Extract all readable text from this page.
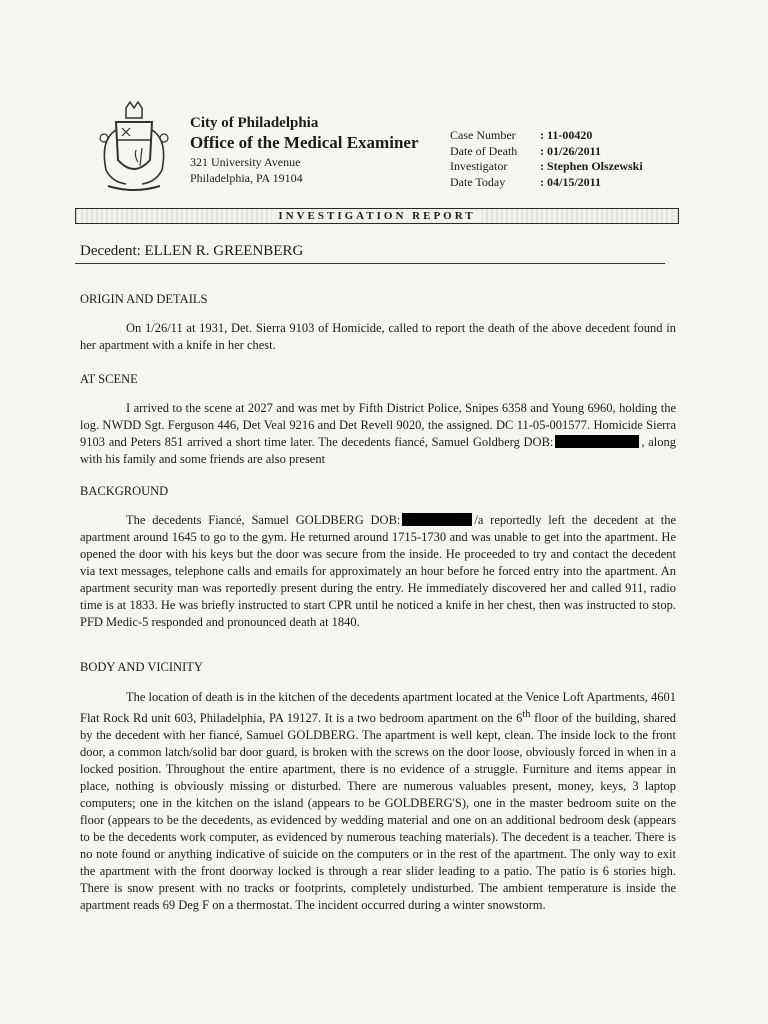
City of Philadelphia
Office of the Medical Examiner
321 University Avenue
Philadelphia, PA 19104
Case Number	: 11-00420
Date of Death	: 01/26/2011
Investigator	: Stephen Olszewski
Date Today	: 04/15/2011
INVESTIGATION REPORT
Decedent: ELLEN R. GREENBERG
ORIGIN AND DETAILS

On 1/26/11 at 1931, Det. Sierra 9103 of Homicide, called to report the death of the above decedent found in her apartment with a knife in her chest.

AT SCENE

I arrived to the scene at 2027 and was met by Fifth District Police, Snipes 6358 and Young 6960, holding the log. NWDD Sgt. Ferguson 446, Det Veal 9216 and Det Revell 9020, the assigned. DC 11-05-001577. Homicide Sierra 9103 and Peters 851 arrived a short time later. The decedents fiancé, Samuel Goldberg DOB:	, along with his family and some friends are also present

BACKGROUND

The decedents Fiancé, Samuel GOLDBERG DOB:	/a reportedly left the decedent at the apartment around 1645 to go to the gym. He returned around 1715-1730 and was unable to get into the apartment. He opened the door with his keys but the door was secure from the inside. He proceeded to try and contact the decedent via text messages, telephone calls and emails for approximately an hour before he forced entry into the apartment. An apartment security man was reportedly present during the entry. He immediately discovered her and called 911, radio time is at 1833. He was briefly instructed to start CPR until he noticed a knife in her chest, then was instructed to stop. PFD Medic-5 responded and pronounced death at 1840.

BODY AND VICINITY

The location of death is in the kitchen of the decedents apartment located at the Venice Loft Apartments, 4601 Flat Rock Rd unit 603, Philadelphia, PA 19127. It is a two bedroom apartment on the 6th floor of the building, shared by the decedent with her fiancé, Samuel GOLDBERG. The apartment is well kept, clean. The inside lock to the front door, a common latch/solid bar door guard, is broken with the screws on the door loose, obviously forced in when in a locked position. Throughout the entire apartment, there is no evidence of a struggle. Furniture and items appear in place, nothing is obviously missing or disturbed. There are numerous valuables present, money, keys, 3 laptop computers; one in the kitchen on the island (appears to be GOLDBERG'S), one in the master bedroom suite on the floor (appears to be the decedents, as evidenced by wedding material and one on an additional bedroom desk (appears to be the decedents work computer, as evidenced by numerous teaching materials). The decedent is a teacher. There is no note found or anything indicative of suicide on the computers or in the rest of the apartment. The only way to exit the apartment with the front doorway locked is through a rear slider leading to a patio. The patio is 6 stories high. There is snow present with no tracks or footprints, completely undisturbed. The ambient temperature is inside the apartment reads 69 Deg F on a thermostat. The incident occurred during a winter snowstorm.
